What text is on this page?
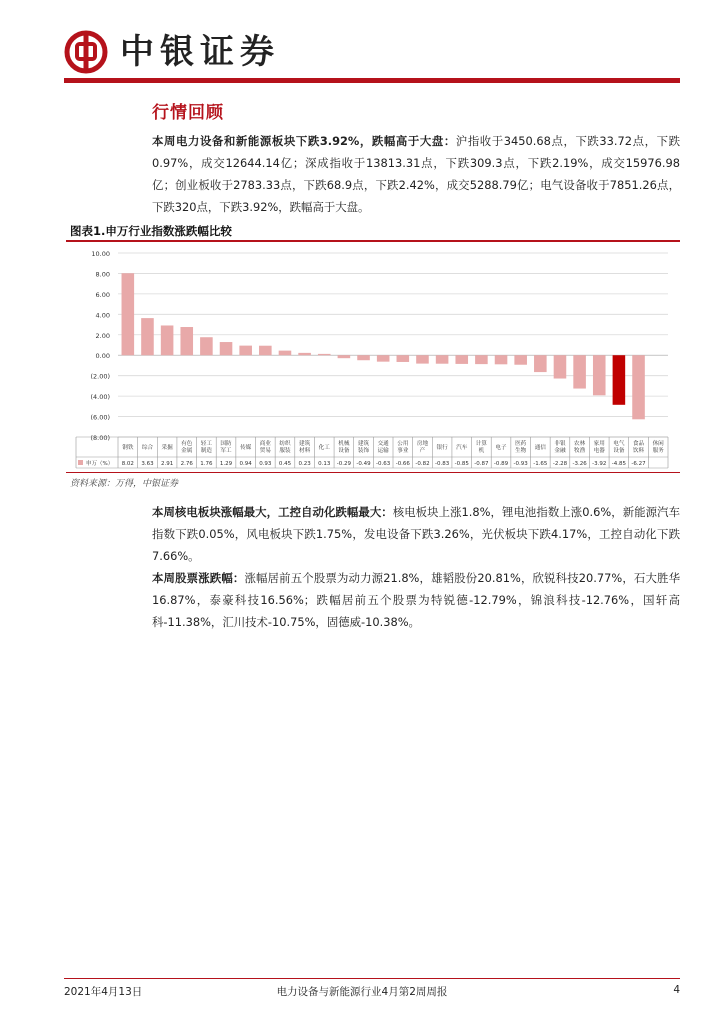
中银证券
行情回顾
本周电力设备和新能源板块下跌3.92%，跌幅高于大盘：沪指收于3450.68点，下跌33.72点，下跌0.97%，成交12644.14亿；深成指收于13813.31点，下跌309.3点，下跌2.19%，成交15976.98亿；创业板收于2783.33点，下跌68.9点，下跌2.42%，成交5288.79亿；电气设备收于7851.26点，下跌320点，下跌3.92%，跌幅高于大盘。
图表1.申万行业指数涨跌幅比较
10.00
8.00
6.00
4.00
2.00
0.00
(2.00)
(4.00)
(6.00)
(8.00)
申万（%）
钢铁
8.02
综合
3.63
采掘
2.91
有色
金属
2.76
轻工
制造
1.76
国防
军工
1.29
传媒
0.94
商业
贸易
0.93
纺织
服装
0.45
建筑
材料
0.23
化工
0.13
机械
设备
-0.29
建筑
装饰
-0.49
交通
运输
-0.63
公用
事业
-0.66
房地
产
-0.82
银行
-0.83
汽车
-0.85
计算
机
-0.87
电子
-0.89
医药
生物
-0.93
通信
-1.65
非银
金融
-2.28
农林
牧渔
-3.26
家用
电器
-3.92
电气
设备
-4.85
食品
饮料
-6.27
休闲
服务
资料来源：万得，中银证券
本周核电板块涨幅最大，工控自动化跌幅最大：核电板块上涨1.8%，锂电池指数上涨0.6%，新能源汽车指数下跌0.05%，风电板块下跌1.75%，发电设备下跌3.26%，光伏板块下跌4.17%，工控自动化下跌7.66%。
本周股票涨跌幅：涨幅居前五个股票为动力源21.8%，雄韬股份20.81%，欣锐科技20.77%，石大胜华16.87%，泰豪科技16.56%；跌幅居前五个股票为特锐德-12.79%，锦浪科技-12.76%，国轩高科-11.38%，汇川技术-10.75%，固德威-10.38%。
2021年4月13日	电力设备与新能源行业4月第2周周报	4
